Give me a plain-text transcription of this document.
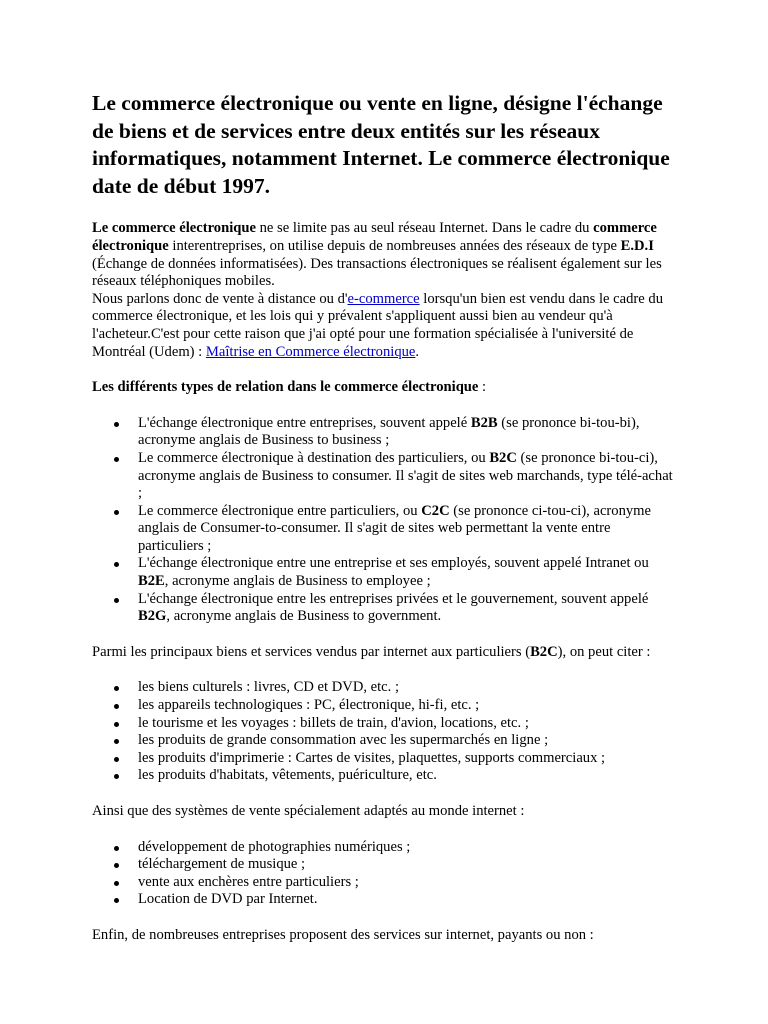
Le commerce électronique ou vente en ligne, désigne l'échange de biens et de services entre deux entités sur les réseaux informatiques, notamment Internet. Le commerce électronique date de début 1997.

Le commerce électronique ne se limite pas au seul réseau Internet. Dans le cadre du commerce électronique interentreprises, on utilise depuis de nombreuses années des réseaux de type E.D.I (Échange de données informatisées). Des transactions électroniques se réalisent également sur les réseaux téléphoniques mobiles.

Nous parlons donc de vente à distance ou d'e-commerce lorsqu'un bien est vendu dans le cadre du commerce électronique, et les lois qui y prévalent s'appliquent aussi bien au vendeur qu'à l'acheteur.C'est pour cette raison que j'ai opté pour une formation spécialisée à l'université de Montréal (Udem) : Maîtrise en Commerce électronique.

Les différents types de relation dans le commerce électronique :

L'échange électronique entre entreprises, souvent appelé B2B (se prononce bi-tou-bi), acronyme anglais de Business to business ;
Le commerce électronique à destination des particuliers, ou B2C (se prononce bi-tou-ci), acronyme anglais de Business to consumer. Il s'agit de sites web marchands, type télé-achat ;
Le commerce électronique entre particuliers, ou C2C (se prononce ci-tou-ci), acronyme anglais de Consumer-to-consumer. Il s'agit de sites web permettant la vente entre particuliers ;
L'échange électronique entre une entreprise et ses employés, souvent appelé Intranet ou B2E, acronyme anglais de Business to employee ;
L'échange électronique entre les entreprises privées et le gouvernement, souvent appelé B2G, acronyme anglais de Business to government.

Parmi les principaux biens et services vendus par internet aux particuliers (B2C), on peut citer :

les biens culturels : livres, CD et DVD, etc. ;
les appareils technologiques : PC, électronique, hi-fi, etc. ;
le tourisme et les voyages : billets de train, d'avion, locations, etc. ;
les produits de grande consommation avec les supermarchés en ligne ;
les produits d'imprimerie : Cartes de visites, plaquettes, supports commerciaux ;
les produits d'habitats, vêtements, puériculture, etc.

Ainsi que des systèmes de vente spécialement adaptés au monde internet :

développement de photographies numériques ;
téléchargement de musique ;
vente aux enchères entre particuliers ;
Location de DVD par Internet.

Enfin, de nombreuses entreprises proposent des services sur internet, payants ou non :
